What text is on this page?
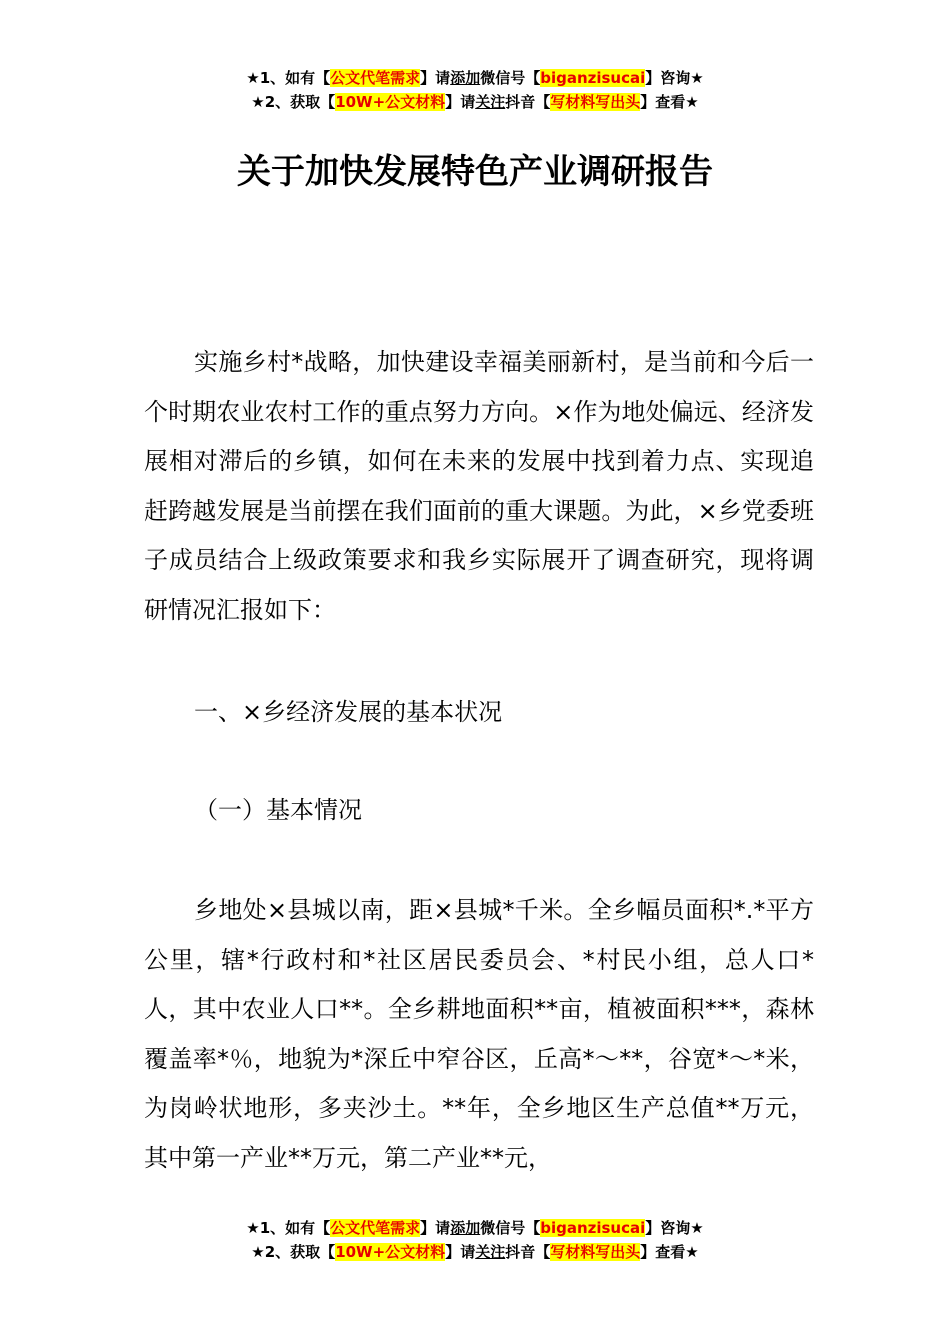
★1、如有【公文代笔需求】请添加微信号【biganzisucai】咨询★
★2、获取【10W+公文材料】请关注抖音【写材料写出头】查看★
关于加快发展特色产业调研报告

实施乡村*战略，加快建设幸福美丽新村，是当前和今后一个时期农业农村工作的重点努力方向。×作为地处偏远、经济发展相对滞后的乡镇，如何在未来的发展中找到着力点、实现追赶跨越发展是当前摆在我们面前的重大课题。为此，×乡党委班子成员结合上级政策要求和我乡实际展开了调查研究，现将调研情况汇报如下：

一、×乡经济发展的基本状况

（一）基本情况

乡地处×县城以南，距×县城*千米。全乡幅员面积*.*平方公里，辖*行政村和*社区居民委员会、*村民小组，总人口*人，其中农业人口**。全乡耕地面积**亩，植被面积***，森林覆盖率*％，地貌为*深丘中窄谷区，丘高*～**，谷宽*～*米，为岗岭状地形，多夹沙土。**年，全乡地区生产总值**万元，其中第一产业**万元，第二产业**元，

★1、如有【公文代笔需求】请添加微信号【biganzisucai】咨询★
★2、获取【10W+公文材料】请关注抖音【写材料写出头】查看★
